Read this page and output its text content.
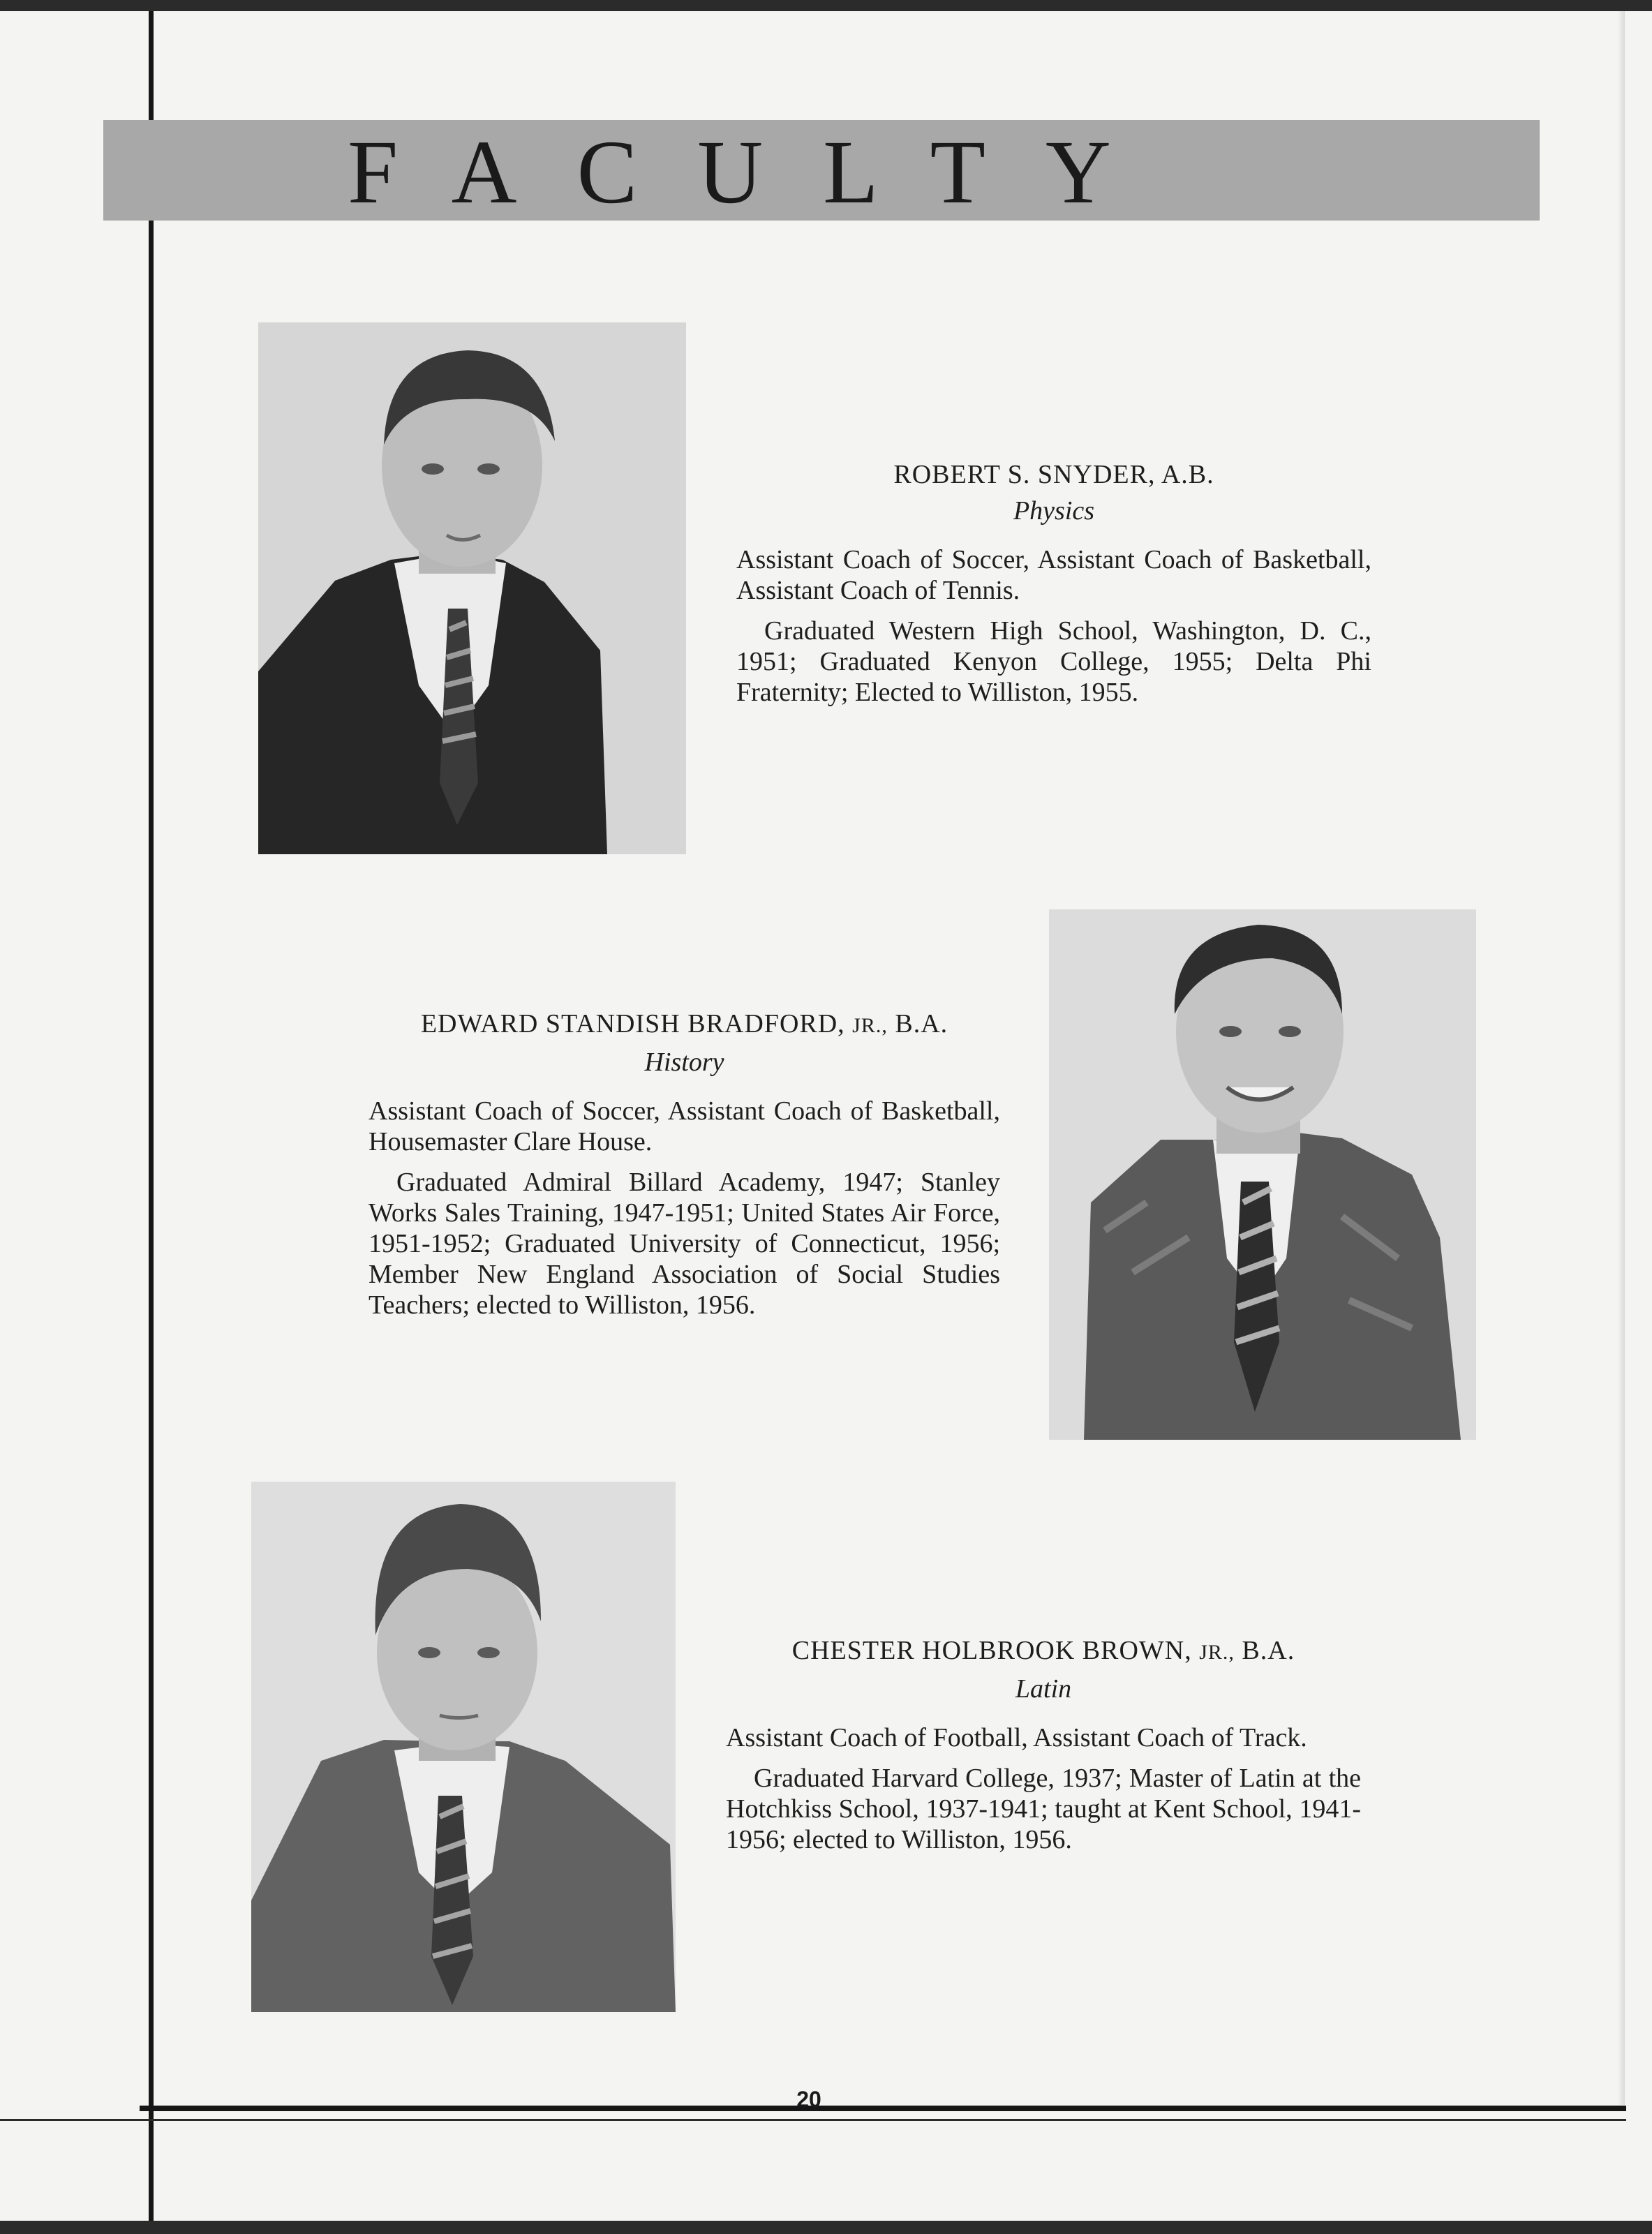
FACULTY
ROBERT S. SNYDER, A.B.
Physics
Assistant Coach of Soccer, Assistant Coach of Basketball, Assistant Coach of Tennis.
Graduated Western High School, Washington, D. C., 1951; Graduated Kenyon College, 1955; Delta Phi Fraternity; Elected to Williston, 1955.
EDWARD STANDISH BRADFORD, JR., B.A.
History
Assistant Coach of Soccer, Assistant Coach of Basketball, Housemaster Clare House.
Graduated Admiral Billard Academy, 1947; Stanley Works Sales Training, 1947-1951; United States Air Force, 1951-1952; Graduated University of Connecticut, 1956; Member New England Association of Social Studies Teachers; elected to Williston, 1956.
CHESTER HOLBROOK BROWN, JR., B.A.
Latin
Assistant Coach of Football, Assistant Coach of Track.
Graduated Harvard College, 1937; Master of Latin at the Hotchkiss School, 1937-1941; taught at Kent School, 1941-1956; elected to Williston, 1956.
20
